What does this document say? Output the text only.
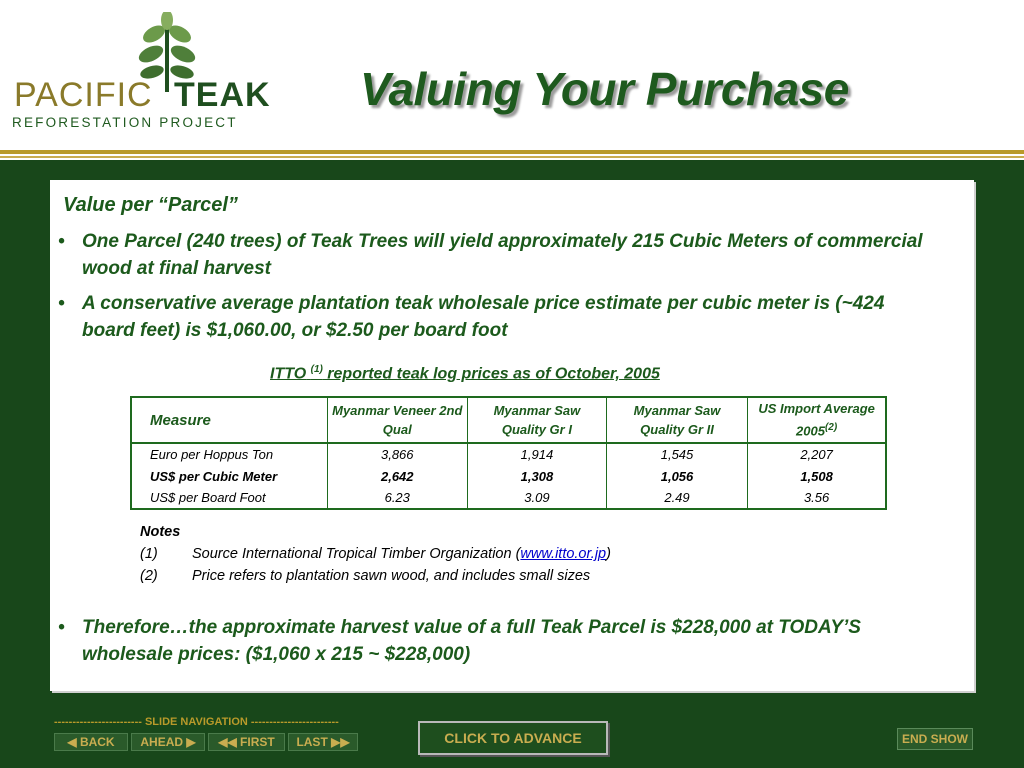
PACIFIC TEAK
REFORESTATION PROJECT
Valuing Your Purchase
Value per “Parcel”
• One Parcel (240 trees) of Teak Trees will yield approximately 215 Cubic Meters of commercial wood at final harvest
• A conservative average plantation teak wholesale price estimate per cubic meter is (~424 board feet) is $1,060.00, or $2.50 per board foot
ITTO $^{(1)}$ reported teak log prices as of October, 2005
Measure	Myanmar Veneer 2nd Qual	Myanmar Saw Quality Gr I	Myanmar Saw Quality Gr II	US Import Average 2005$^{(2)}$
Euro per Hoppus Ton	3,866	1,914	1,545	2,207
US$ per Cubic Meter	2,642	1,308	1,056	1,508
US$ per Board Foot	6.23	3.09	2.49	3.56
Notes
(1) Source International Tropical Timber Organization (www.itto.or.jp)
(2) Price refers to plantation sawn wood, and includes small sizes
• Therefore…the approximate harvest value of a full Teak Parcel is $228,000 at TODAY’S wholesale prices: ($1,060 x 215 ~ $228,000)
------------------------ SLIDE NAVIGATION ------------------------
◀ BACK	AHEAD ▶	◀◀ FIRST	LAST ▶▶	CLICK TO ADVANCE	END SHOW
